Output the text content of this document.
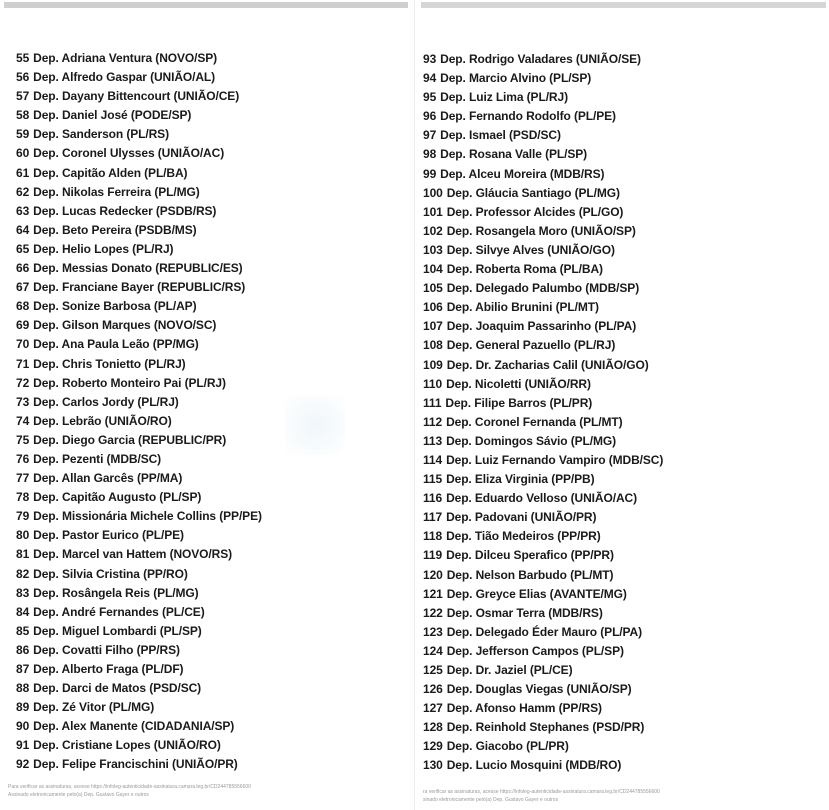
55 Dep. Adriana Ventura (NOVO/SP)
56 Dep. Alfredo Gaspar (UNIÃO/AL)
57 Dep. Dayany Bittencourt (UNIÃO/CE)
58 Dep. Daniel José (PODE/SP)
59 Dep. Sanderson (PL/RS)
60 Dep. Coronel Ulysses (UNIÃO/AC)
61 Dep. Capitão Alden (PL/BA)
62 Dep. Nikolas Ferreira (PL/MG)
63 Dep. Lucas Redecker (PSDB/RS)
64 Dep. Beto Pereira (PSDB/MS)
65 Dep. Helio Lopes (PL/RJ)
66 Dep. Messias Donato (REPUBLIC/ES)
67 Dep. Franciane Bayer (REPUBLIC/RS)
68 Dep. Sonize Barbosa (PL/AP)
69 Dep. Gilson Marques (NOVO/SC)
70 Dep. Ana Paula Leão (PP/MG)
71 Dep. Chris Tonietto (PL/RJ)
72 Dep. Roberto Monteiro Pai (PL/RJ)
73 Dep. Carlos Jordy (PL/RJ)
74 Dep. Lebrão (UNIÃO/RO)
75 Dep. Diego Garcia (REPUBLIC/PR)
76 Dep. Pezenti (MDB/SC)
77 Dep. Allan Garcês (PP/MA)
78 Dep. Capitão Augusto (PL/SP)
79 Dep. Missionária Michele Collins (PP/PE)
80 Dep. Pastor Eurico (PL/PE)
81 Dep. Marcel van Hattem (NOVO/RS)
82 Dep. Silvia Cristina (PP/RO)
83 Dep. Rosângela Reis (PL/MG)
84 Dep. André Fernandes (PL/CE)
85 Dep. Miguel Lombardi (PL/SP)
86 Dep. Covatti Filho (PP/RS)
87 Dep. Alberto Fraga (PL/DF)
88 Dep. Darci de Matos (PSD/SC)
89 Dep. Zé Vitor (PL/MG)
90 Dep. Alex Manente (CIDADANIA/SP)
91 Dep. Cristiane Lopes (UNIÃO/RO)
92 Dep. Felipe Francischini (UNIÃO/PR)
Para verificar as assinaturas, acesse https://infoleg-autenticidade-assinatura.camara.leg.br/CD244785556600
Assinado eletronicamente pelo(a) Dep. Gustavo Gayer e outros	ra verificar as assinaturas, acesse https://infoleg-autenticidade-assinatura.camara.leg.br/CD244785556600
sinado eletronicamente pelo(a) Dep. Gustavo Gayer e outros
93 Dep. Rodrigo Valadares (UNIÃO/SE)
94 Dep. Marcio Alvino (PL/SP)
95 Dep. Luiz Lima (PL/RJ)
96 Dep. Fernando Rodolfo (PL/PE)
97 Dep. Ismael (PSD/SC)
98 Dep. Rosana Valle (PL/SP)
99 Dep. Alceu Moreira (MDB/RS)
100 Dep. Gláucia Santiago (PL/MG)
101 Dep. Professor Alcides (PL/GO)
102 Dep. Rosangela Moro (UNIÃO/SP)
103 Dep. Silvye Alves (UNIÃO/GO)
104 Dep. Roberta Roma (PL/BA)
105 Dep. Delegado Palumbo (MDB/SP)
106 Dep. Abilio Brunini (PL/MT)
107 Dep. Joaquim Passarinho (PL/PA)
108 Dep. General Pazuello (PL/RJ)
109 Dep. Dr. Zacharias Calil (UNIÃO/GO)
110 Dep. Nicoletti (UNIÃO/RR)
111 Dep. Filipe Barros (PL/PR)
112 Dep. Coronel Fernanda (PL/MT)
113 Dep. Domingos Sávio (PL/MG)
114 Dep. Luiz Fernando Vampiro (MDB/SC)
115 Dep. Eliza Virginia (PP/PB)
116 Dep. Eduardo Velloso (UNIÃO/AC)
117 Dep. Padovani (UNIÃO/PR)
118 Dep. Tião Medeiros (PP/PR)
119 Dep. Dilceu Sperafico (PP/PR)
120 Dep. Nelson Barbudo (PL/MT)
121 Dep. Greyce Elias (AVANTE/MG)
122 Dep. Osmar Terra (MDB/RS)
123 Dep. Delegado Éder Mauro (PL/PA)
124 Dep. Jefferson Campos (PL/SP)
125 Dep. Dr. Jaziel (PL/CE)
126 Dep. Douglas Viegas (UNIÃO/SP)
127 Dep. Afonso Hamm (PP/RS)
128 Dep. Reinhold Stephanes (PSD/PR)
129 Dep. Giacobo (PL/PR)
130 Dep. Lucio Mosquini (MDB/RO)
